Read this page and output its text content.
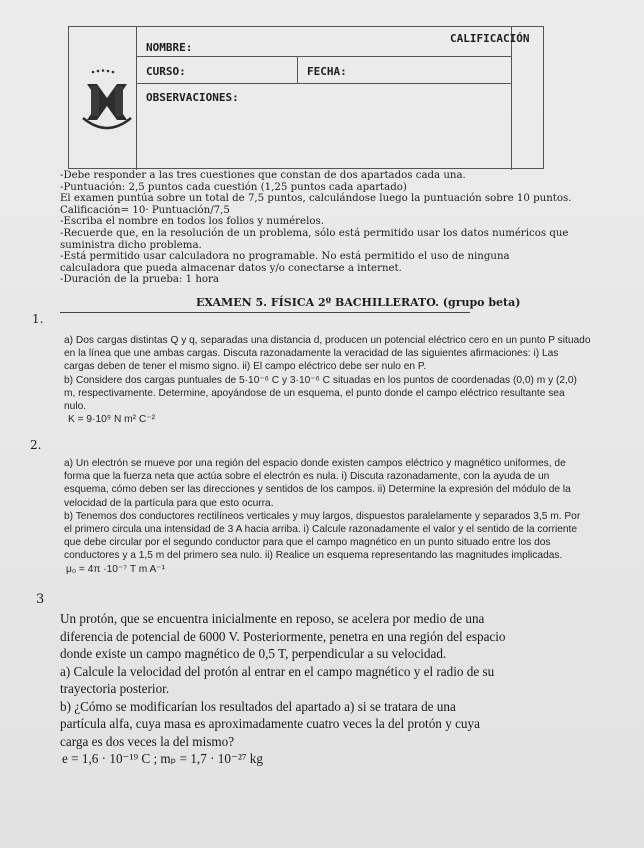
NOMBRE:
CURSO:	FECHA:
OBSERVACIONES:
CALIFICACIÓN
-Debe responder a las tres cuestiones que constan de dos apartados cada una.
-Puntuación: 2,5 puntos cada cuestión (1,25 puntos cada apartado)
El examen puntúa sobre un total de 7,5 puntos, calculándose luego la puntuación sobre 10 puntos.
Calificación= 10· Puntuación/7,5
-Escriba el nombre en todos los folios y numérelos.
-Recuerde que, en la resolución de un problema, sólo está permitido usar los datos numéricos que
suministra dicho problema.
-Está permitido usar calculadora no programable. No está permitido el uso de ninguna
calculadora que pueda almacenar datos y/o conectarse a internet.
-Duración de la prueba: 1 hora
EXAMEN 5. FÍSICA 2º BACHILLERATO. (grupo beta)
1.
a) Dos cargas distintas Q y q, separadas una distancia d, producen un potencial eléctrico cero en un punto P situado
en la línea que une ambas cargas. Discuta razonadamente la veracidad de las siguientes afirmaciones: i) Las
cargas deben de tener el mismo signo. ii) El campo eléctrico debe ser nulo en P.
b) Considere dos cargas puntuales de 5·10⁻⁶ C y 3·10⁻⁶ C situadas en los puntos de coordenadas (0,0) m y (2,0)
m, respectivamente. Determine, apoyándose de un esquema, el punto donde el campo eléctrico resultante sea
nulo.
K = 9·10⁹ N m² C⁻²
2.
a) Un electrón se mueve por una región del espacio donde existen campos eléctrico y magnético uniformes, de
forma que la fuerza neta que actúa sobre el electrón es nula. i) Discuta razonadamente, con la ayuda de un
esquema, cómo deben ser las direcciones y sentidos de los campos. ii) Determine la expresión del módulo de la
velocidad de la partícula para que esto ocurra.
b) Tenemos dos conductores rectilíneos verticales y muy largos, dispuestos paralelamente y separados 3,5 m. Por
el primero circula una intensidad de 3 A hacia arriba. i) Calcule razonadamente el valor y el sentido de la corriente
que debe circular por el segundo conductor para que el campo magnético en un punto situado entre los dos
conductores y a 1,5 m del primero sea nulo. ii) Realice un esquema representando las magnitudes implicadas.
μ₀ = 4π ·10⁻⁷ T m A⁻¹
3
Un protón, que se encuentra inicialmente en reposo, se acelera por medio de una
diferencia de potencial de 6000 V. Posteriormente, penetra en una región del espacio
donde existe un campo magnético de 0,5 T, perpendicular a su velocidad.
a) Calcule la velocidad del protón al entrar en el campo magnético y el radio de su
trayectoria posterior.
b) ¿Cómo se modificarían los resultados del apartado a) si se tratara de una
partícula alfa, cuya masa es aproximadamente cuatro veces la del protón y cuya
carga es dos veces la del mismo?
e = 1,6 · 10⁻¹⁹ C ; mₚ = 1,7 · 10⁻²⁷ kg
